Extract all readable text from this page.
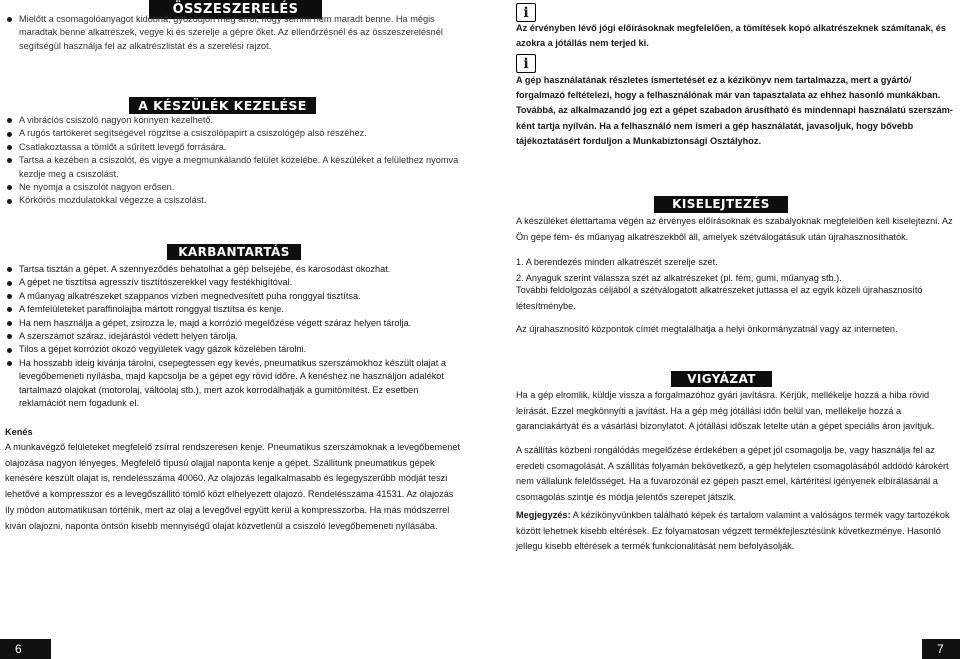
ÖSSZESZERELÉS
Mielőtt a csomagolóanyagot kidobná, győződjön meg arról, hogy semmi nem maradt benne. Ha mégis maradtak benne alkatrészek, vegye ki és szerelje a gépre őket. Az ellenőrzésnél és az összeszerelésnél segítségül használja fel az alkatrészlistát és a szerelési rajzot.
A KÉSZÜLÉK KEZELÉSE
A vibrációs csiszoló nagyon könnyen kezelhető.
A rugós tartókeret segítségével rögzítse a csiszolópapirt a csiszológép alsó részéhez.
Csatlakoztassa a tömlőt a sűrített levegő forrására.
Tartsa a kezében a csiszolót, és vigye a megmunkálandó felület közelébe. A készüléket a felülethez nyomva kezdje meg a csiszolást.
Ne nyomja a csiszolót nagyon erősen.
Körkörös mozdulatokkal végezze a csiszolást.
KARBANTARTÁS
Tartsa tisztán a gépet. A szennyeződés behatolhat a gép belsejébe, és károsodást okozhat.
A gépet ne tisztítsa agresszív tisztítószerekkel vagy festékhigítóval.
A műanyag alkatrészeket szappanos vízben megnedvesített puha ronggyal tisztítsa.
A fémfelületeket paraffinolajba mártott ronggyal tisztítsa és kenje.
Ha nem használja a gépet, zsirozza le, majd a korrózió megelőzése végett száraz helyen tárolja.
A szerszámot száraz, idejárástól védett helyen tárolja.
Tilos a gépet korróziót okozó vegyületek vagy gázok közelében tárolni.
Ha hosszabb ideig kivánja tárolni, csepegtessen egy kevés, pneumatikus szerszámokhoz készült olajat a levegőbemeneti nyílásba, majd kapcsolja be a gépet egy rövid időre. A kenéshez ne használjon adalékot tartalmazó olajokat (motorolaj, váltóolaj stb.), mert azok korrodálhatják a gumitömítést. Ez esetben reklamációt nem fogadunk el.
Kenés
A munkavégző felületeket megfelelő zsírral rendszeresen kenje. Pneumatikus szerszámoknak a levegőbemenet olajozása nagyon lényeges. Megfelelő típusú olajjal naponta kenje a gépet. Szállitunk pneumatikus gépek kenésére készült olajat is, rendelésszáma 40060. Az olajozás legalkalmasabb és legegyszerűbb módját teszi lehetővé a kompresszor és a levegőszállitó tömlő közt elhelyezett olajozó. Rendelésszáma 41531. Az olajozás íly módon automatikusan történik, mert az olaj a levegővel együtt kerül a kompresszorba. Ha más módszerrel kiván olajozni, naponta öntsön kisebb mennyiségű olajat közvetlenül a csiszoló levegőbemeneti nyílásába.
6
i
Az érvényben lévő jógi előírásoknak megfelelően, a tömítések kopó alkatrészeknek számítanak, és azokra a jótállás nem terjed ki.
i
A gép használatának részletes ismertetését ez a kézikönyv nem tartalmazza, mert a gyártó/ forgalmazó feltételezi, hogy a felhasználónak már van tapasztalata az ehhez hasonló munkákban. Továbbá, az alkalmazandó jog ezt a gépet szabadon árusítható és mindennapi használatú szerszám-ként tartja nyílván. Ha a felhasználó nem ismeri a gép használatát, javasoljuk, hogy bővebb tájékoztatásért forduljon a Munkabiztonsági Osztályhoz.
KISELEJTEZÉS
A készüléket élettartama végén az érvényes előírásoknak és szabályoknak megfelelően kell kiselejtezni. Az Ön gépe fém- és műanyag alkatrészekből áll, amelyek szétválogatásuk után újrahasznosíthatók.
1. A berendezés minden alkatrészét szerelje szét.
2. Anyaguk szerint válassza szét az alkatrészeket (pl. fém, gumi, műanyag stb.).
További feldolgozás céljából a szétválogatott alkatrészeket juttassa el az egyik közeli újrahasznosító létesítménybe.
Az újrahasznosító központok címét megtalálhatja a helyi önkormányzatnál vagy az interneten.
VIGYÁZAT
Ha a gép elromlik, küldje vissza a forgalmazóhoz gyári javításra. Kérjük, mellékelje hozzá a hiba rövid leírását. Ezzel megkönnyíti a javítást. Ha a gép még jótállási időn belül van, mellékelje hozzá a garanciakártyát és a vásárlási bizonylatot. A jótállási időszak letelte után a gépet speciális áron javítjuk.
A szállítás közbeni rongálódás megelőzése érdekében a gépet jól csomagolja be, vagy használja fel az eredeti csomagolását. A szállítás folyamán bekövetkező, a gép helytelen csomagolásából addódó károkért nem vállalunk felelősséget. Ha a fuvarozónál ez gépen paszt emel, kártérítési igényenek elbírálásánál a csomagolás szintje és módja jelentős szerepet játszik.
Megjegyzés: A kézikönyvünkben található képek és tartalom valamint a valóságos termék vagy tartozékok között lehetnek kisebb eltérések. Ez folyamatosan végzett termékfejlesztésünk következménye. Hasonló jellegu kisebb eltérések a termék funkcionalitását nem befolyásolják.
7
